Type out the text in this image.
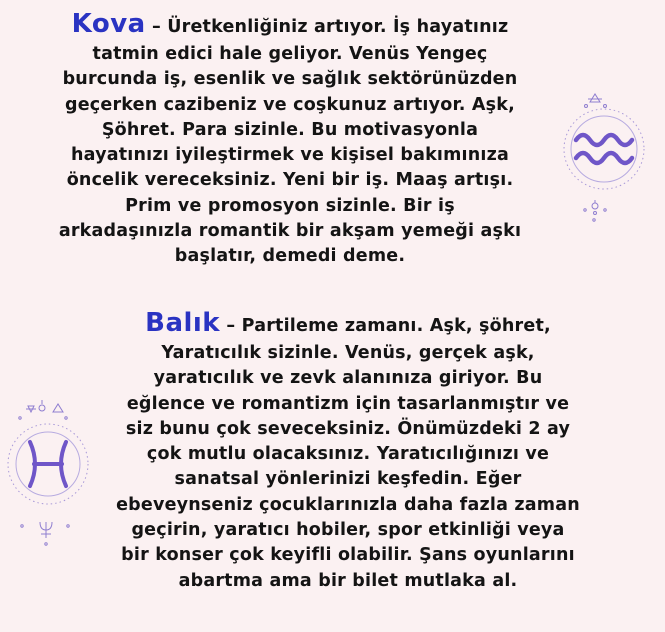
Kova – Üretkenliğiniz artıyor. İş hayatınız
tatmin edici hale geliyor. Venüs Yengeç
burcunda iş, esenlik ve sağlık sektörünüzden
geçerken cazibeniz ve coşkunuz artıyor. Aşk,
Şöhret. Para sizinle. Bu motivasyonla
hayatınızı iyileştirmek ve kişisel bakımınıza
öncelik vereceksiniz. Yeni bir iş. Maaş artışı.
Prim ve promosyon sizinle. Bir iş
arkadaşınızla romantik bir akşam yemeği aşkı
başlatır, demedi deme.
Balık – Partileme zamanı. Aşk, şöhret,
Yaratıcılık sizinle. Venüs, gerçek aşk,
yaratıcılık ve zevk alanınıza giriyor. Bu
eğlence ve romantizm için tasarlanmıştır ve
siz bunu çok seveceksiniz. Önümüzdeki 2 ay
çok mutlu olacaksınız. Yaratıcılığınızı ve
sanatsal yönlerinizi keşfedin. Eğer
ebeveynseniz çocuklarınızla daha fazla zaman
geçirin, yaratıcı hobiler, spor etkinliği veya
bir konser çok keyifli olabilir. Şans oyunlarını
abartma ama bir bilet mutlaka al.
